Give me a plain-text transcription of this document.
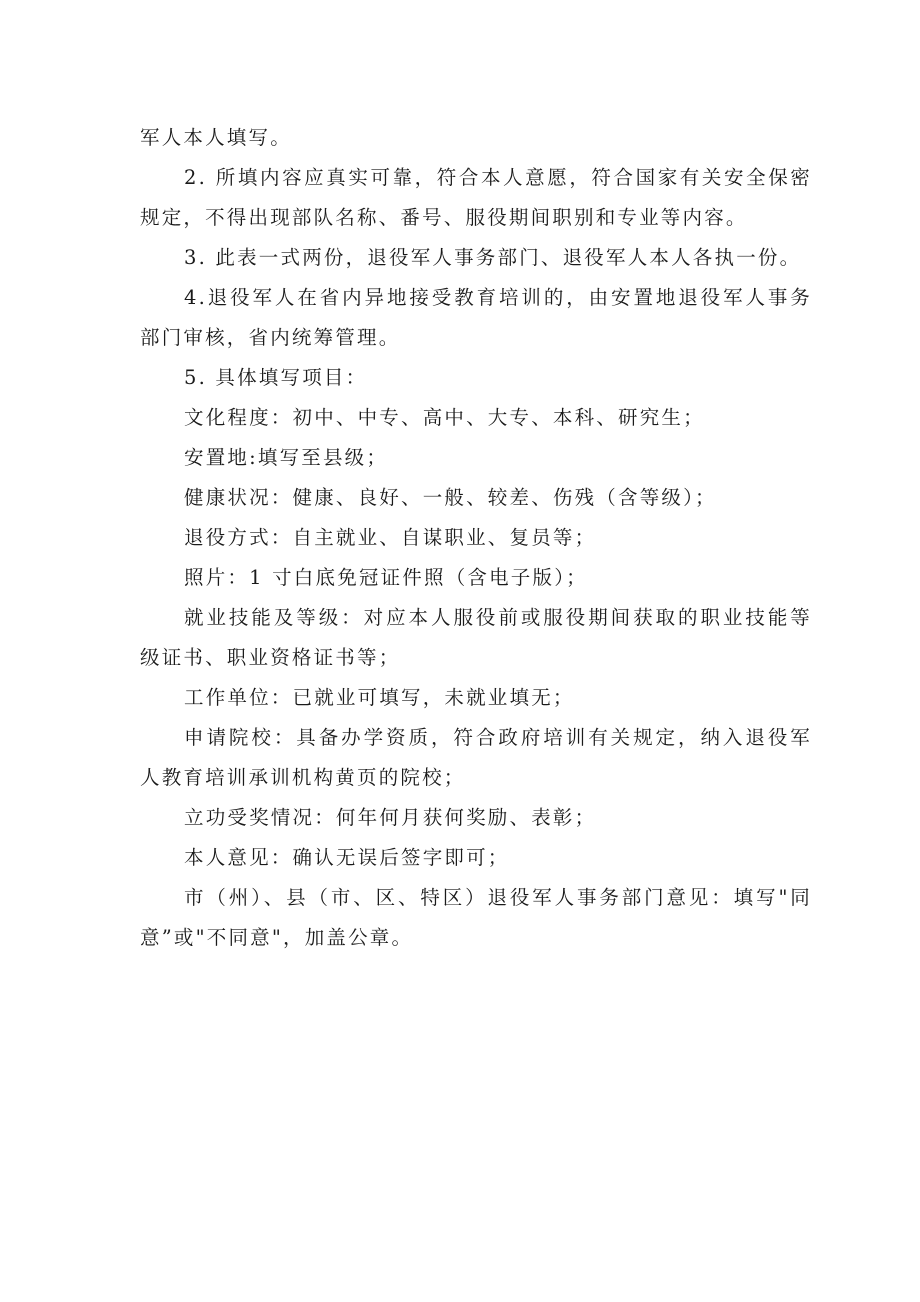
军人本人填写。

2. 所填内容应真实可靠，符合本人意愿，符合国家有关安全保密规定，不得出现部队名称、番号、服役期间职别和专业等内容。

3. 此表一式两份，退役军人事务部门、退役军人本人各执一份。

4.退役军人在省内异地接受教育培训的，由安置地退役军人事务部门审核，省内统筹管理。

5. 具体填写项目：

文化程度：初中、中专、高中、大专、本科、研究生；

安置地:填写至县级；

健康状况：健康、良好、一般、较差、伤残（含等级）；

退役方式：自主就业、自谋职业、复员等；

照片：1 寸白底免冠证件照（含电子版）；

就业技能及等级：对应本人服役前或服役期间获取的职业技能等级证书、职业资格证书等；

工作单位：已就业可填写，未就业填无；

申请院校：具备办学资质，符合政府培训有关规定，纳入退役军人教育培训承训机构黄页的院校；

立功受奖情况：何年何月获何奖励、表彰；

本人意见：确认无误后签字即可；

市（州）、县（市、区、特区）退役军人事务部门意见：填写"同意”或"不同意"，加盖公章。
